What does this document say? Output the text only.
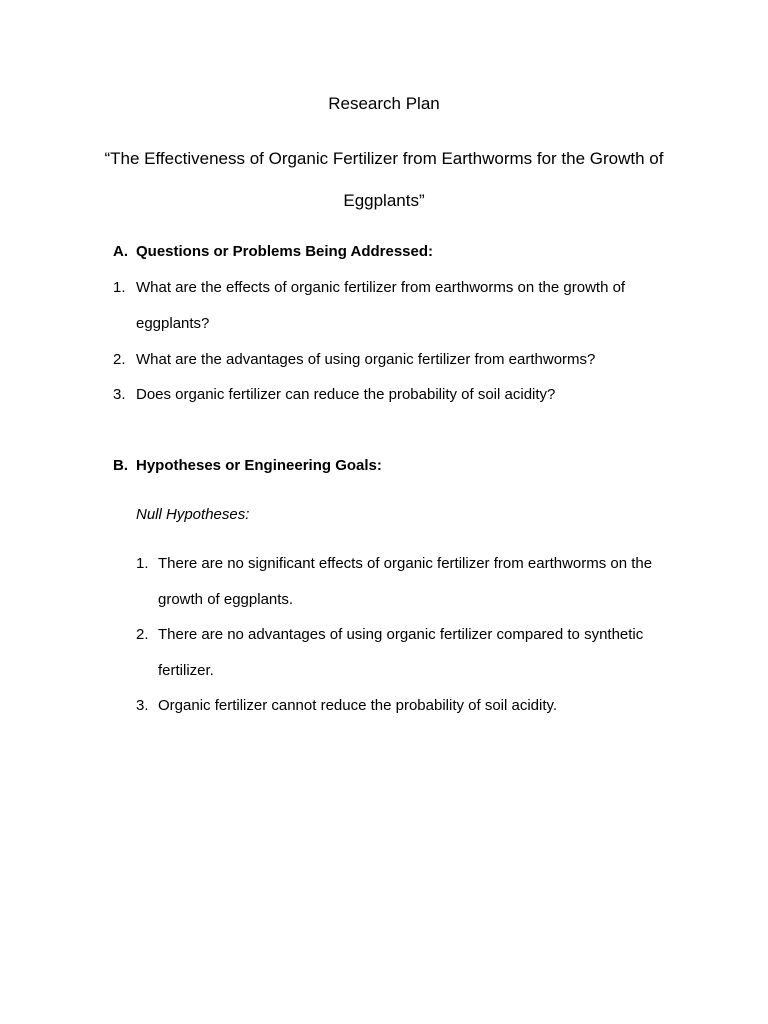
Research Plan
“The Effectiveness of Organic Fertilizer from Earthworms for the Growth of
Eggplants”
A. Questions or Problems Being Addressed:
1. What are the effects of organic fertilizer from earthworms on the growth of
eggplants?
2. What are the advantages of using organic fertilizer from earthworms?
3. Does organic fertilizer can reduce the probability of soil acidity?
B. Hypotheses or Engineering Goals:
Null Hypotheses:
1. There are no significant effects of organic fertilizer from earthworms on the
growth of eggplants.
2. There are no advantages of using organic fertilizer compared to synthetic
fertilizer.
3. Organic fertilizer cannot reduce the probability of soil acidity.
